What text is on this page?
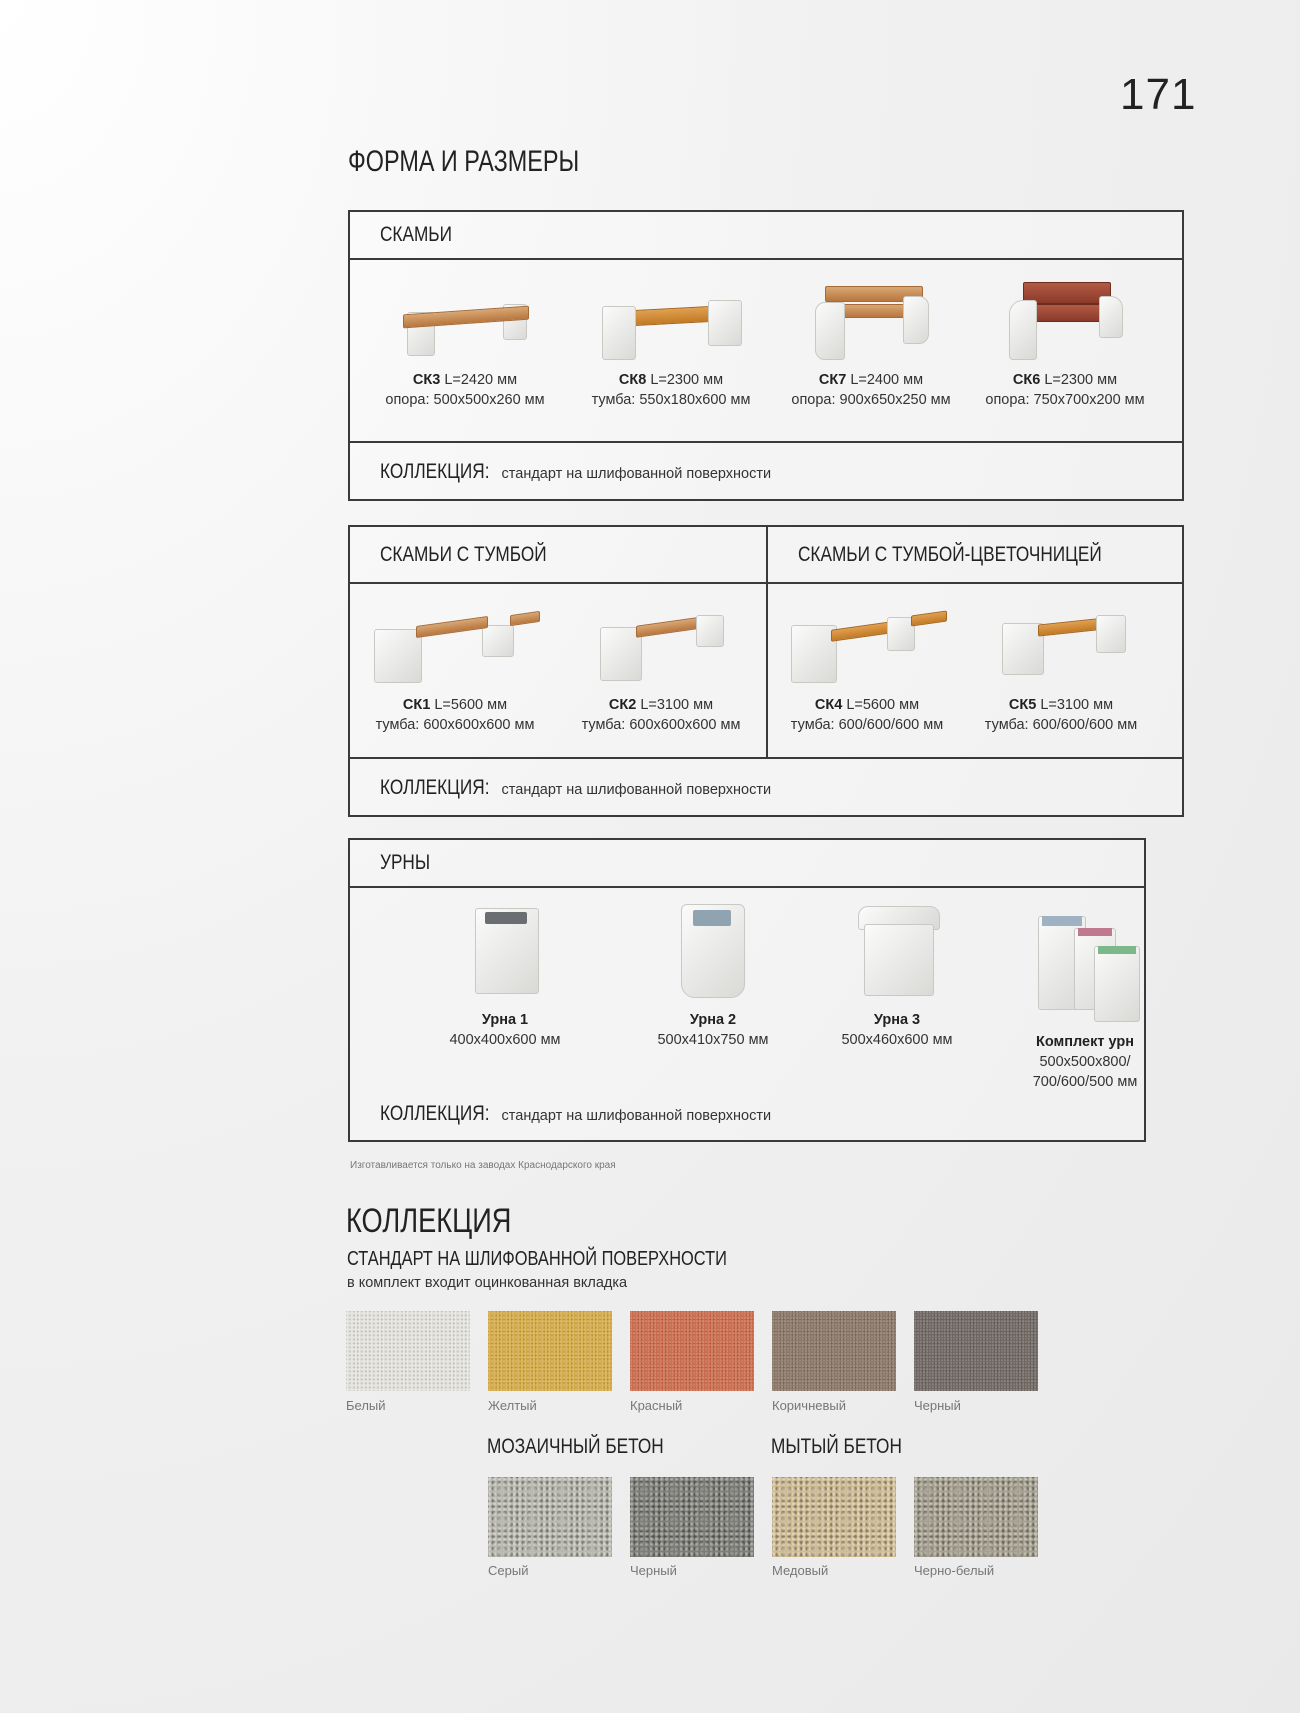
171
ФОРМА И РАЗМЕРЫ
СКАМЬИ
СК3 L=2420 мм
опора: 500х500х260 мм
СК8 L=2300 мм
тумба: 550х180х600 мм
СК7 L=2400 мм
опора: 900х650х250 мм
СК6 L=2300 мм
опора: 750х700х200 мм
КОЛЛЕКЦИЯ: стандарт на шлифованной поверхности
СКАМЬИ С ТУМБОЙ	СКАМЬИ С ТУМБОЙ-ЦВЕТОЧНИЦЕЙ
СК1 L=5600 мм
тумба: 600х600х600 мм
СК2 L=3100 мм
тумба: 600х600х600 мм
СК4 L=5600 мм
тумба: 600/600/600 мм
СК5 L=3100 мм
тумба: 600/600/600 мм
КОЛЛЕКЦИЯ: стандарт на шлифованной поверхности
УРНЫ
Урна 1
400х400х600 мм
Урна 2
500х410х750 мм
Урна 3
500х460х600 мм	Комплект урн
500х500х800/
700/600/500 мм
КОЛЛЕКЦИЯ: стандарт на шлифованной поверхности
Изготавливается только на заводах Краснодарского края
КОЛЛЕКЦИЯ
СТАНДАРТ НА ШЛИФОВАННОЙ ПОВЕРХНОСТИ
в комплект входит оцинкованная вкладка
Белый	Желтый	Красный	Коричневый	Черный
МОЗАИЧНЫЙ БЕТОН	МЫТЫЙ БЕТОН
Серый	Черный	Медовый	Черно-белый
